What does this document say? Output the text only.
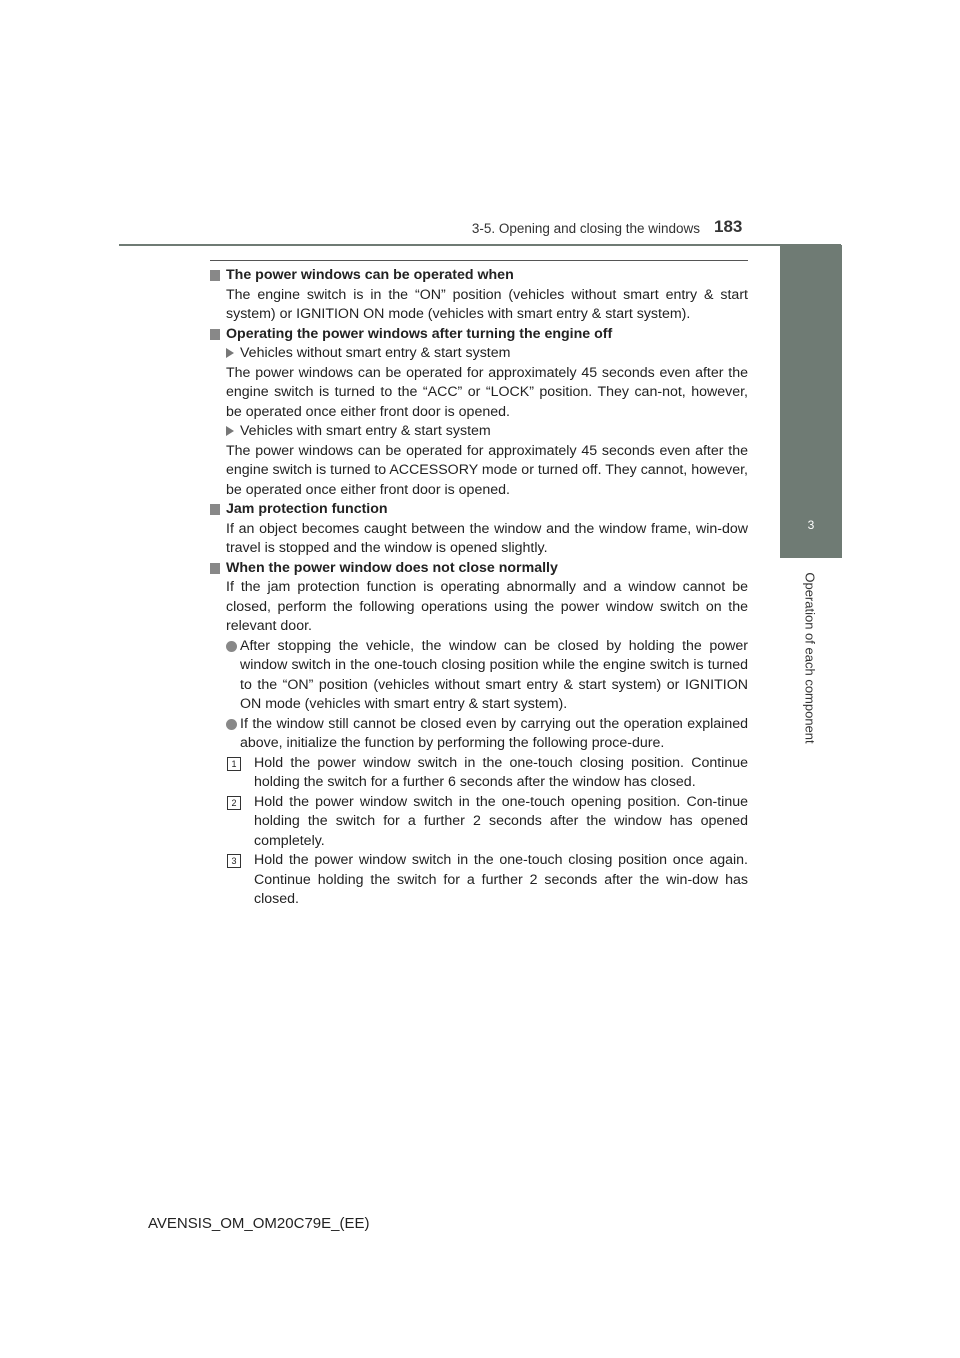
3-5. Opening and closing the windows 183
3
Operation of each component

The power windows can be operated when

The engine switch is in the “ON” position (vehicles without smart entry & start system) or IGNITION ON mode (vehicles with smart entry & start system).

Operating the power windows after turning the engine off

Vehicles without smart entry & start system

The power windows can be operated for approximately 45 seconds even after the engine switch is turned to the “ACC” or “LOCK” position. They can-not, however, be operated once either front door is opened.

Vehicles with smart entry & start system

The power windows can be operated for approximately 45 seconds even after the engine switch is turned to ACCESSORY mode or turned off. They cannot, however, be operated once either front door is opened.

Jam protection function

If an object becomes caught between the window and the window frame, win-dow travel is stopped and the window is opened slightly.

When the power window does not close normally

If the jam protection function is operating abnormally and a window cannot be closed, perform the following operations using the power window switch on the relevant door.

After stopping the vehicle, the window can be closed by holding the power window switch in the one-touch closing position while the engine switch is turned to the “ON” position (vehicles without smart entry & start system) or IGNITION ON mode (vehicles with smart entry & start system).

If the window still cannot be closed even by carrying out the operation explained above, initialize the function by performing the following proce-dure.

1	Hold the power window switch in the one-touch closing position. Continue holding the switch for a further 6 seconds after the window has closed.

2	Hold the power window switch in the one-touch opening position. Con-tinue holding the switch for a further 2 seconds after the window has opened completely.

3	Hold the power window switch in the one-touch closing position once again. Continue holding the switch for a further 2 seconds after the win-dow has closed.

AVENSIS_OM_OM20C79E_(EE)
